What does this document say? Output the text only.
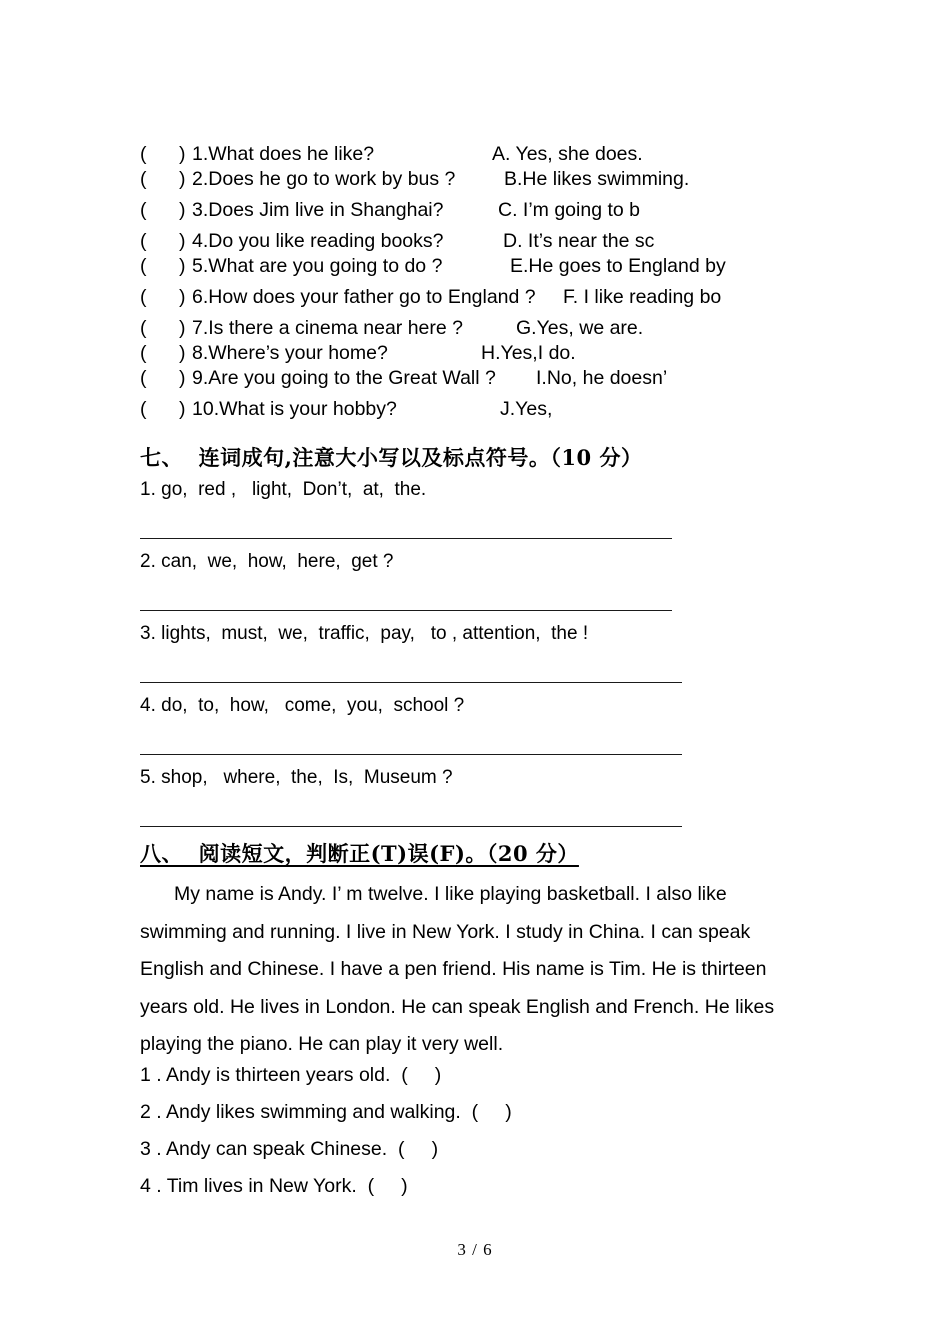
(      ) 1.What does he like?	A. Yes, she does.
(      ) 2.Does he go to work by bus ?	B.He likes swimming.
(      ) 3.Does Jim live in Shanghai?	C. I’m going to b
(      ) 4.Do you like reading books?	D. It’s near the sc
(      ) 5.What are you going to do ?	E.He goes to England by
(      ) 6.How does your father go to England ?	F. I like reading bo
(      ) 7.Is there a cinema near here ?	G.Yes, we are.
(      ) 8.Where’s your home?	H.Yes,I do.
(      ) 9.Are you going to the Great Wall ?	I.No, he doesn’
(      ) 10.What is your hobby?	J.Yes,
七、  连词成句,注意大小写以及标点符号。（10 分）
1. go,  red ,   light,  Don’t,  at,  the.
2. can,  we,  how,  here,  get ?
3. lights,  must,  we,  traffic,  pay,   to , attention,  the !
4. do,  to,  how,   come,  you,  school ?
5. shop,   where,  the,  Is,  Museum ?
八、  阅读短文，判断正(T)误(F)。（20 分）
My name is Andy. I’ m twelve. I like playing basketball. I also like swimming and running. I live in New York. I study in China. I can speak English and Chinese. I have a pen friend. His name is Tim. He is thirteen years old. He lives in London. He can speak English and French. He likes playing the piano. He can play it very well.
1 . Andy is thirteen years old.  (     )
2 . Andy likes swimming and walking.  (     )
3 . Andy can speak Chinese.  (     )
4 . Tim lives in New York.  (     )
3 / 6
